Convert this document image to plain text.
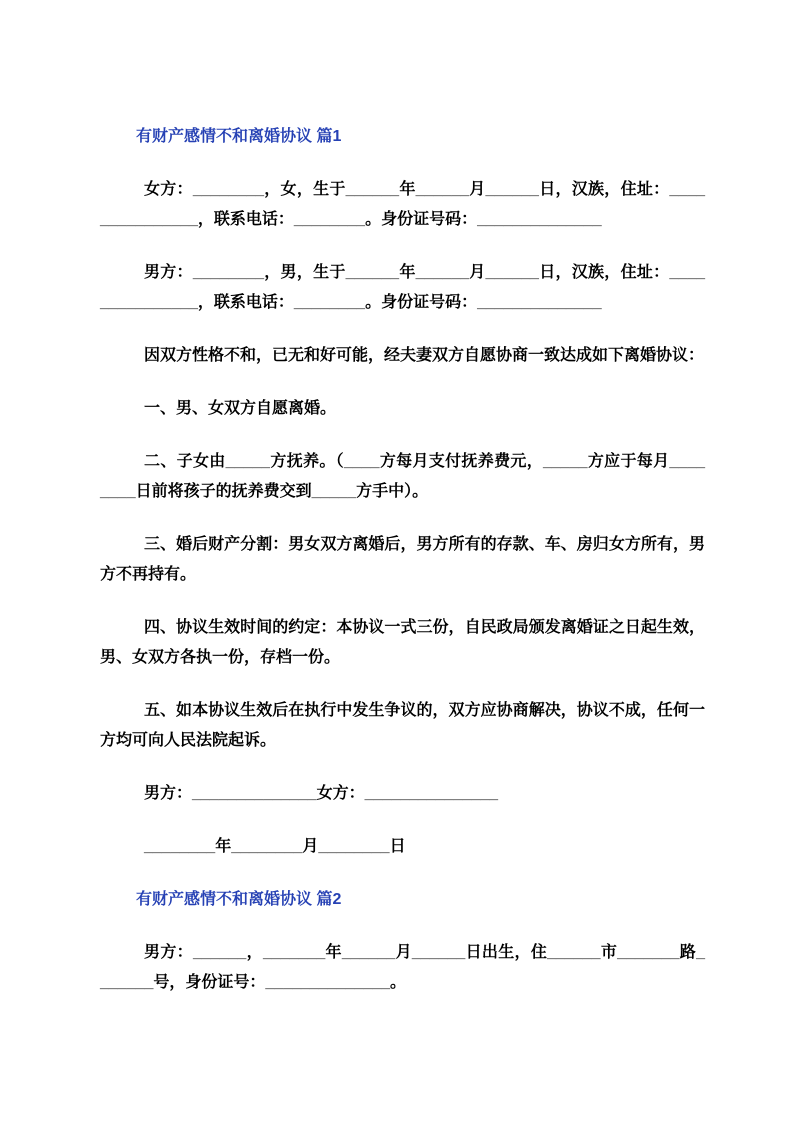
有财产感情不和离婚协议 篇1
女方：________，女，生于______年______月______日，汉族，住址：_______________，联系电话：________。身份证号码：______________
男方：________，男，生于______年______月______日，汉族，住址：_______________，联系电话：________。身份证号码：______________
因双方性格不和，已无和好可能，经夫妻双方自愿协商一致达成如下离婚协议：
一、男、女双方自愿离婚。
二、子女由_____方抚养。（____方每月支付抚养费元，_____方应于每月________日前将孩子的抚养费交到_____方手中）。
三、婚后财产分割：男女双方离婚后，男方所有的存款、车、房归女方所有，男方不再持有。
四、协议生效时间的约定：本协议一式三份，自民政局颁发离婚证之日起生效，男、女双方各执一份，存档一份。
五、如本协议生效后在执行中发生争议的，双方应协商解决，协议不成，任何一方均可向人民法院起诉。
男方：______________女方：_______________
________年________月________日
有财产感情不和离婚协议 篇2
男方：______，_______年______月______日出生，住______市_______路_______号，身份证号：______________。
